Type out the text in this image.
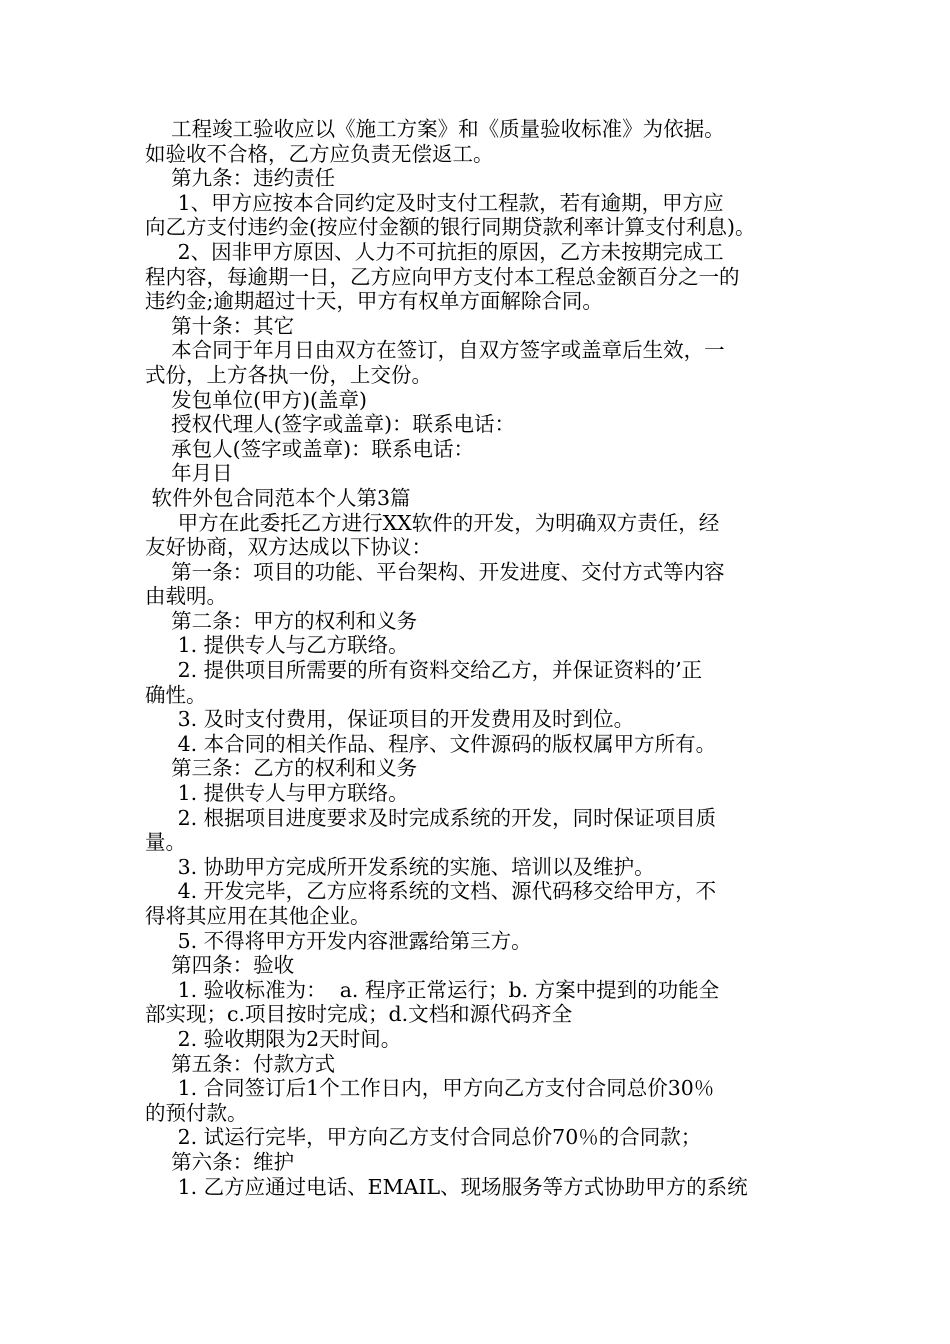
工程竣工验收应以《施工方案》和《质量验收标准》为依据。
如验收不合格，乙方应负责无偿返工。
第九条：违约责任
1、甲方应按本合同约定及时支付工程款，若有逾期，甲方应
向乙方支付违约金(按应付金额的银行同期贷款利率计算支付利息)。
2、因非甲方原因、人力不可抗拒的原因，乙方未按期完成工
程内容，每逾期一日，乙方应向甲方支付本工程总金额百分之一的
违约金;逾期超过十天，甲方有权单方面解除合同。
第十条：其它
本合同于年月日由双方在签订，自双方签字或盖章后生效，一
式份，上方各执一份，上交份。
发包单位(甲方)(盖章)
授权代理人(签字或盖章)：联系电话：
承包人(签字或盖章)：联系电话：
年月日
软件外包合同范本个人第3篇
甲方在此委托乙方进行XX软件的开发，为明确双方责任，经
友好协商，双方达成以下协议：
第一条：项目的功能、平台架构、开发进度、交付方式等内容
由载明。
第二条：甲方的权利和义务
1. 提供专人与乙方联络。
2. 提供项目所需要的所有资料交给乙方，并保证资料的’正
确性。
3. 及时支付费用，保证项目的开发费用及时到位。
4. 本合同的相关作品、程序、文件源码的版权属甲方所有。
第三条：乙方的权利和义务
1. 提供专人与甲方联络。
2. 根据项目进度要求及时完成系统的开发，同时保证项目质
量。
3. 协助甲方完成所开发系统的实施、培训以及维护。
4. 开发完毕，乙方应将系统的文档、源代码移交给甲方，不
得将其应用在其他企业。
5. 不得将甲方开发内容泄露给第三方。
第四条：验收
1. 验收标准为：  a. 程序正常运行；b. 方案中提到的功能全
部实现；c.项目按时完成；d.文档和源代码齐全
2. 验收期限为2天时间。
第五条：付款方式
1. 合同签订后1个工作日内，甲方向乙方支付合同总价30％
的预付款。
2. 试运行完毕，甲方向乙方支付合同总价70％的合同款；
第六条：维护
1. 乙方应通过电话、EMAIL、现场服务等方式协助甲方的系统
